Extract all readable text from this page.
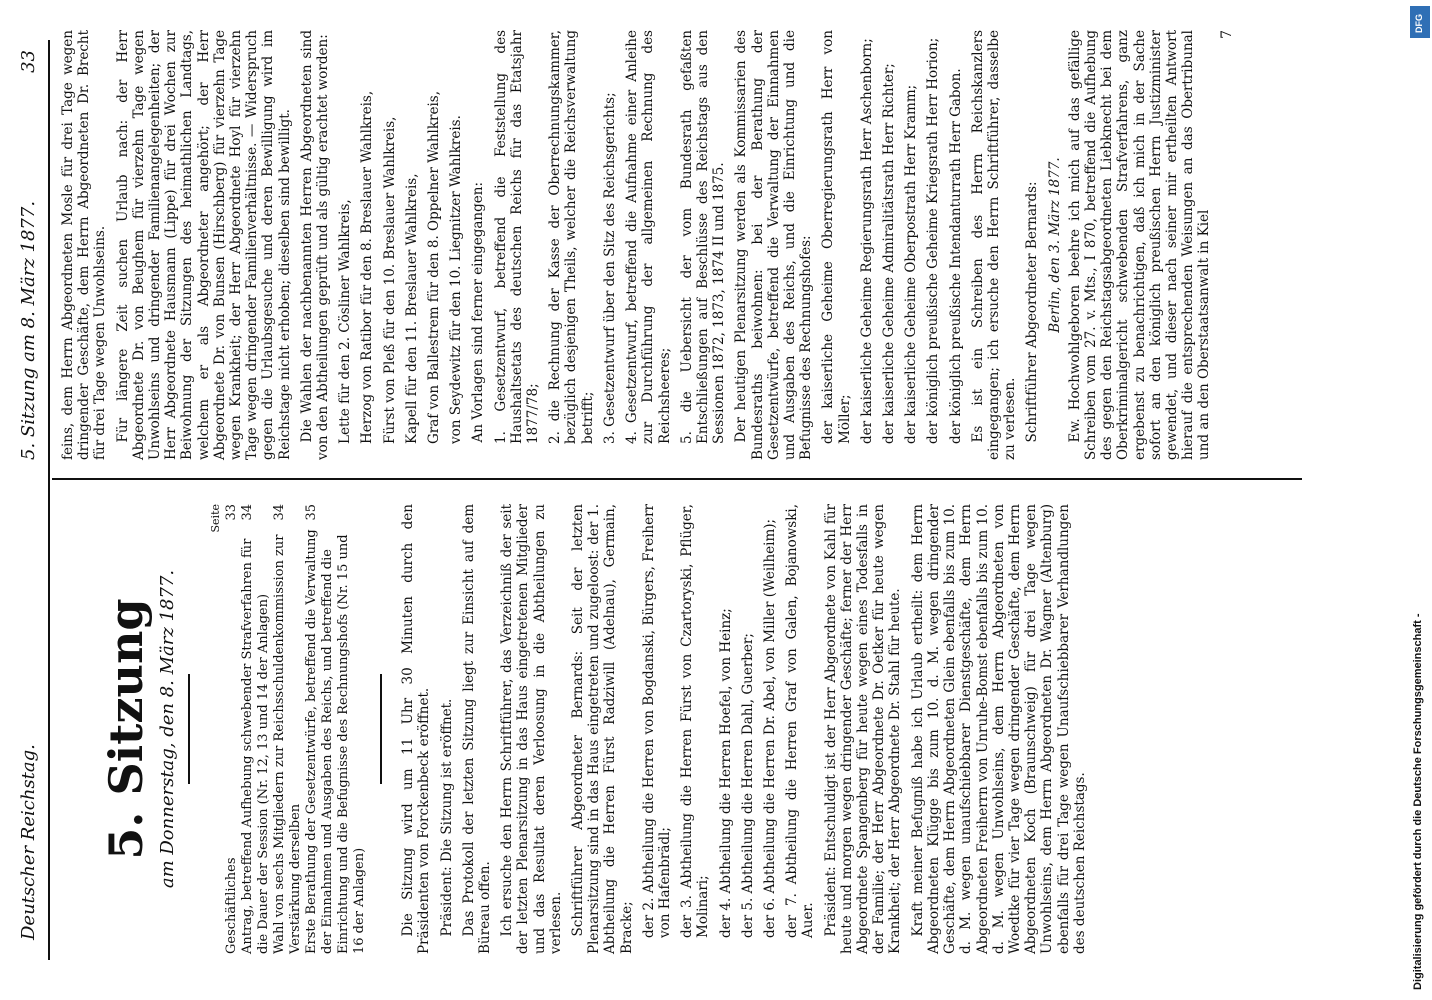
Deutscher Reichstag.
5. Sitzung am 8. März 1877.
33
5. Sitzung am Donnerstag, den 8. März 1877.
Seite
Geschäftliches
33
Antrag, betreffend Aufhebung schwebender Strafverfahren für die Dauer der Session (Nr. 12, 13 und 14 der Anlagen)
34
Wahl von sechs Mitgliedern zur Reichsschuldenkommission zur Verstärkung derselben
34
Erste Berathung der Gesetzentwürfe, betreffend die Verwaltung der Einnahmen und Ausgaben des Reichs, und betreffend die Einrichtung und die Befugnisse des Rechnungshofs (Nr. 15 und 16 der Anlagen)
35	Die Sitzung wird um 11 Uhr 30 Minuten durch den Präsidenten von Forckenbeck eröffnet. Präsident: Die Sitzung ist eröffnet. Das Protokoll der letzten Sitzung liegt zur Einsicht auf dem Büreau offen. Ich ersuche den Herrn Schriftführer, das Verzeichniß der seit der letzten Plenarsitzung in das Haus eingetretenen Mitglieder und das Resultat deren Verloosung in die Abtheilungen zu verlesen. Schriftführer Abgeordneter Bernards: Seit der letzten Plenarsitzung sind in das Haus eingetreten und zugeloost: der 1. Abtheilung die Herren Fürst Radziwill (Adelnau), Germain, Bracke; der 2. Abtheilung die Herren von Bogdanski, Bürgers, Freiherr von Hafenbrädl; der 3. Abtheilung die Herren Fürst von Czartoryski, Pflüger, Molinari; der 4. Abtheilung die Herren Hoefel, von Heinz; der 5. Abtheilung die Herren Dahl, Guerber; der 6. Abtheilung die Herren Dr. Abel, von Miller (Weilheim); der 7. Abtheilung die Herren Graf von Galen, Bojanowski, Auer. Präsident: Entschuldigt ist der Herr Abgeordnete von Kahl für heute und morgen wegen dringender Geschäfte; ferner der Herr Abgeordnete Spangenberg für heute wegen eines Todesfalls in der Familie; der Herr Abgeordnete Dr. Oetker für heute wegen Krankheit; der Herr Abgeordnete Dr. Stahl für heute. Kraft meiner Befugniß habe ich Urlaub ertheilt: dem Herrn Abgeordneten Klügge bis zum 10. d. M. wegen dringender Geschäfte, dem Herrn Abgeordneten Glein ebenfalls bis zum 10. d. M. wegen unaufschiebbarer Dienstgeschäfte, dem Herrn Abgeordneten Freiherrn von Unruhe-Bomst ebenfalls bis zum 10. d. M. wegen Unwohlseins, dem Herrn Abgeordneten von Woedtke für vier Tage wegen dringender Geschäfte, dem Herrn Abgeordneten Koch (Braunschweig) für drei Tage wegen Unwohlseins, dem Herrn Abgeordneten Dr. Wagner (Altenburg) ebenfalls für drei Tage wegen Unaufschiebbarer Verhandlungen des deutschen Reichstags.

feins, dem Herrn Abgeordneten Mosle für drei Tage wegen dringender Geschäfte, dem Herrn Abgeordneten Dr. Brecht für drei Tage wegen Unwohlseins. Für längere Zeit suchen Urlaub nach: der Herr Abgeordnete Dr. von Beughem für vierzehn Tage wegen Unwohlseins und dringender Familienangelegenheiten; der Herr Abgeordnete Hausmann (Lippe) für drei Wochen zur Beiwohnung der Sitzungen des heimathlichen Landtags, welchem er als Abgeordneter angehört; der Herr Abgeordnete Dr. von Bunsen (Hirschberg) für vierzehn Tage wegen Krankheit; der Herr Abgeordnete Hoyl für vierzehn Tage wegen dringender Familienverhältnisse. — Widerspruch gegen die Urlaubsgesuche und deren Bewilligung wird im Reichstage nicht erhoben; dieselben sind bewilligt. Die Wahlen der nachbenannten Herren Abgeordneten sind von den Abtheilungen geprüft und als gültig erachtet worden: Lette für den 2. Cösliner Wahlkreis, Herzog von Ratibor für den 8. Breslauer Wahlkreis, Fürst von Pleß für den 10. Breslauer Wahlkreis, Kapell für den 11. Breslauer Wahlkreis, Graf von Ballestrem für den 8. Oppelner Wahlkreis, von Seydewitz für den 10. Liegnitzer Wahlkreis. An Vorlagen sind ferner eingegangen: 1. Gesetzentwurf, betreffend die Feststellung des Haushaltsetats des deutschen Reichs für das Etatsjahr 1877/78; 2. die Rechnung der Kasse der Oberrechnungskammer, bezüglich desjenigen Theils, welcher die Reichsverwaltung betrifft; 3. Gesetzentwurf über den Sitz des Reichsgerichts; 4. Gesetzentwurf, betreffend die Aufnahme einer Anleihe zur Durchführung der allgemeinen Rechnung des Reichsheeres; 5. die Uebersicht der vom Bundesrath gefaßten Entschließungen auf Beschlüsse des Reichstags aus den Sessionen 1872, 1873, 1874 II und 1875. Der heutigen Plenarsitzung werden als Kommissarien des Bundesraths beiwohnen: bei der Berathung der Gesetzentwürfe, betreffend die Verwaltung der Einnahmen und Ausgaben des Reichs, und die Einrichtung und die Befugnisse des Rechnungshofes: der kaiserliche Geheime Oberregierungsrath Herr von Möller; der kaiserliche Geheime Regierungsrath Herr Aschenborn; der kaiserliche Geheime Admiralitätsrath Herr Richter; der kaiserliche Geheime Oberpostrath Herr Kramm; der königlich preußische Geheime Kriegsrath Herr Horion; der königlich preußische Intendanturrath Herr Gabon. Es ist ein Schreiben des Herrn Reichskanzlers eingegangen; ich ersuche den Herrn Schriftführer, dasselbe zu verlesen. Schriftführer Abgeordneter Bernards: Berlin, den 3. März 1877. Ew. Hochwohlgeboren beehre ich mich auf das gefällige Schreiben vom 27. v. Mts., I 870, betreffend die Aufhebung des gegen den Reichstagsabgeordneten Liebknecht bei dem Oberkriminalgericht schwebenden Strafverfahrens, ganz ergebenst zu benachrichtigen, daß ich mich in der Sache sofort an den königlich preußischen Herrn Justizminister gewendet, und dieser nach seiner mir ertheilten Antwort hierauf die entsprechenden Weisungen an das Obertribunal und an den Oberstaatsanwalt in Kiel

7
Digitalisierung gefördert durch die Deutsche Forschungsgemeinschaft -
DFG
